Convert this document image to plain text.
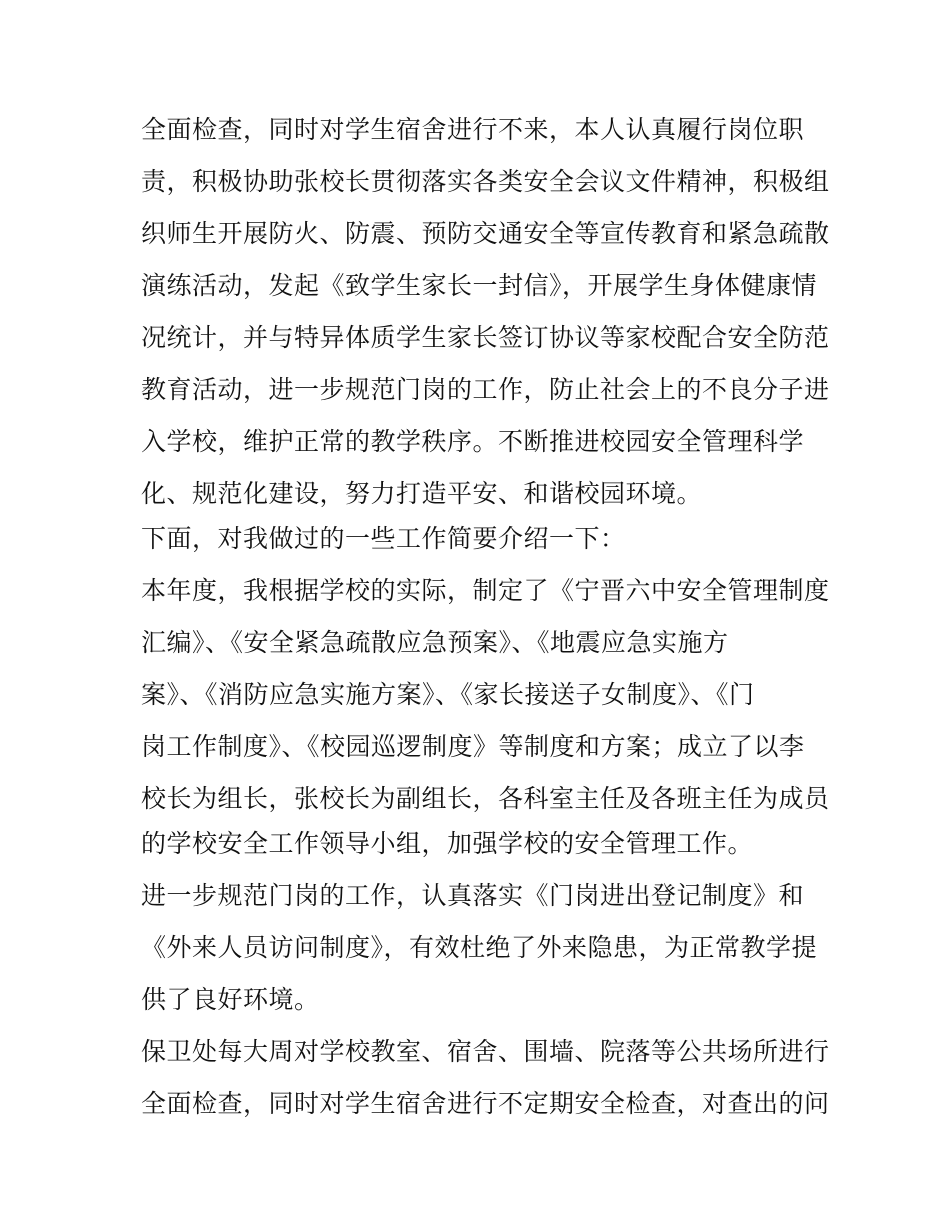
全面检查，同时对学生宿舍进行不来，本人认真履行岗位职

责，积极协助张校长贯彻落实各类安全会议文件精神，积极组

织师生开展防火、防震、预防交通安全等宣传教育和紧急疏散

演练活动，发起《致学生家长一封信》，开展学生身体健康情

况统计，并与特异体质学生家长签订协议等家校配合安全防范

教育活动，进一步规范门岗的工作，防止社会上的不良分子进

入学校，维护正常的教学秩序。不断推进校园安全管理科学

化、规范化建设，努力打造平安、和谐校园环境。

下面，对我做过的一些工作简要介绍一下：

本年度，我根据学校的实际，制定了《宁晋六中安全管理制度

汇编》、《安全紧急疏散应急预案》、《地震应急实施方

案》、《消防应急实施方案》、《家长接送子女制度》、《门

岗工作制度》、《校园巡逻制度》等制度和方案；成立了以李

校长为组长，张校长为副组长，各科室主任及各班主任为成员

的学校安全工作领导小组，加强学校的安全管理工作。

进一步规范门岗的工作，认真落实《门岗进出登记制度》和

《外来人员访问制度》，有效杜绝了外来隐患，为正常教学提

供了良好环境。

保卫处每大周对学校教室、宿舍、围墙、院落等公共场所进行

全面检查，同时对学生宿舍进行不定期安全检查，对查出的问
